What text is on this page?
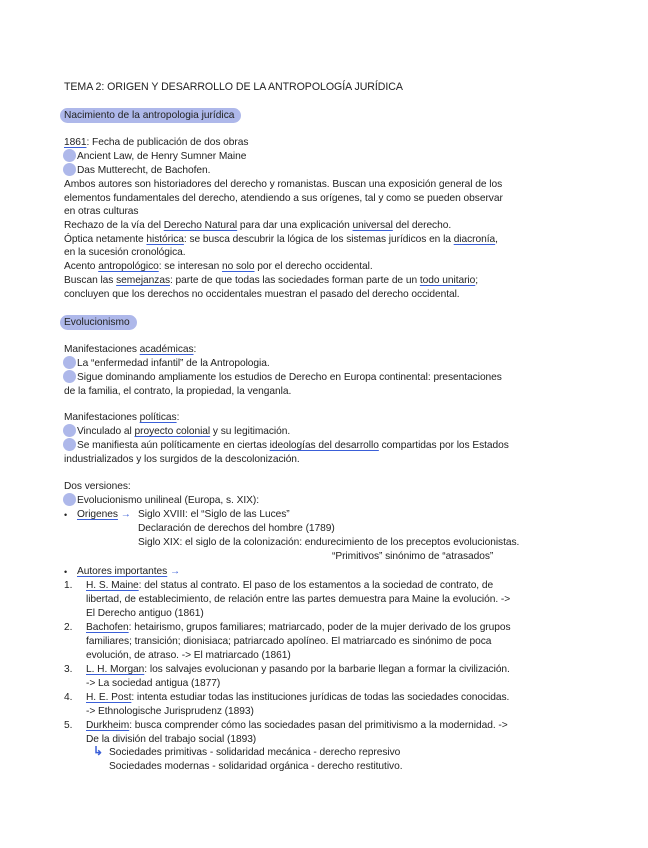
TEMA 2: ORIGEN Y DESARROLLO DE LA ANTROPOLOGÍA JURÍDICA
Nacimiento de la antropologia jurídica
1861: Fecha de publicación de dos obras
Ancient Law, de Henry Sumner Maine
Das Mutterecht, de Bachofen.
Ambos autores son historiadores del derecho y romanistas. Buscan una exposición general de los
elementos fundamentales del derecho, atendiendo a sus orígenes, tal y como se pueden observar
en otras culturas
Rechazo de la vía del Derecho Natural para dar una explicación universal del derecho.
Óptica netamente histórica: se busca descubrir la lógica de los sistemas jurídicos en la diacronía,
en la sucesión cronológica.
Acento antropológico: se interesan no solo por el derecho occidental.
Buscan las semejanzas: parte de que todas las sociedades forman parte de un todo unitario;
concluyen que los derechos no occidentales muestran el pasado del derecho occidental.
Evolucionismo
Manifestaciones académicas:
La “enfermedad infantil” de la Antropologia.
Sigue dominando ampliamente los estudios de Derecho en Europa continental: presentaciones
de la familia, el contrato, la propiedad, la venganla.
Manifestaciones políticas:
Vinculado al proyecto colonial y su legitimación.
Se manifiesta aún políticamente en ciertas ideologías del desarrollo compartidas por los Estados
industrializados y los surgidos de la descolonización.
Dos versiones:
Evolucionismo unilineal (Europa, s. XIX):
• Origenes → Siglo XVIII: el “Siglo de las Luces”
Declaración de derechos del hombre (1789)
Siglo XIX: el siglo de la colonización: endurecimiento de los preceptos evolucionistas.
“Primitivos” sinónimo de “atrasados”
• Autores importantes →
1. H. S. Maine: del status al contrato. El paso de los estamentos a la sociedad de contrato, de
libertad, de establecimiento, de relación entre las partes demuestra para Maine la evolución. ->
El Derecho antiguo (1861)
2. Bachofen: hetairismo, grupos familiares; matriarcado, poder de la mujer derivado de los grupos
familiares; transición; dionisiaca; patriarcado apolíneo. El matriarcado es sinónimo de poca
evolución, de atraso. -> El matriarcado (1861)
3. L. H. Morgan: los salvajes evolucionan y pasando por la barbarie llegan a formar la civilización.
-> La sociedad antigua (1877)
4. H. E. Post: intenta estudiar todas las instituciones jurídicas de todas las sociedades conocidas.
-> Ethnologische Jurisprudenz (1893)
5. Durkheim: busca comprender cómo las sociedades pasan del primitivismo a la modernidad. ->
De la división del trabajo social (1893)
↳ Sociedades primitivas - solidaridad mecánica - derecho represivo
Sociedades modernas - solidaridad orgánica - derecho restitutivo.
